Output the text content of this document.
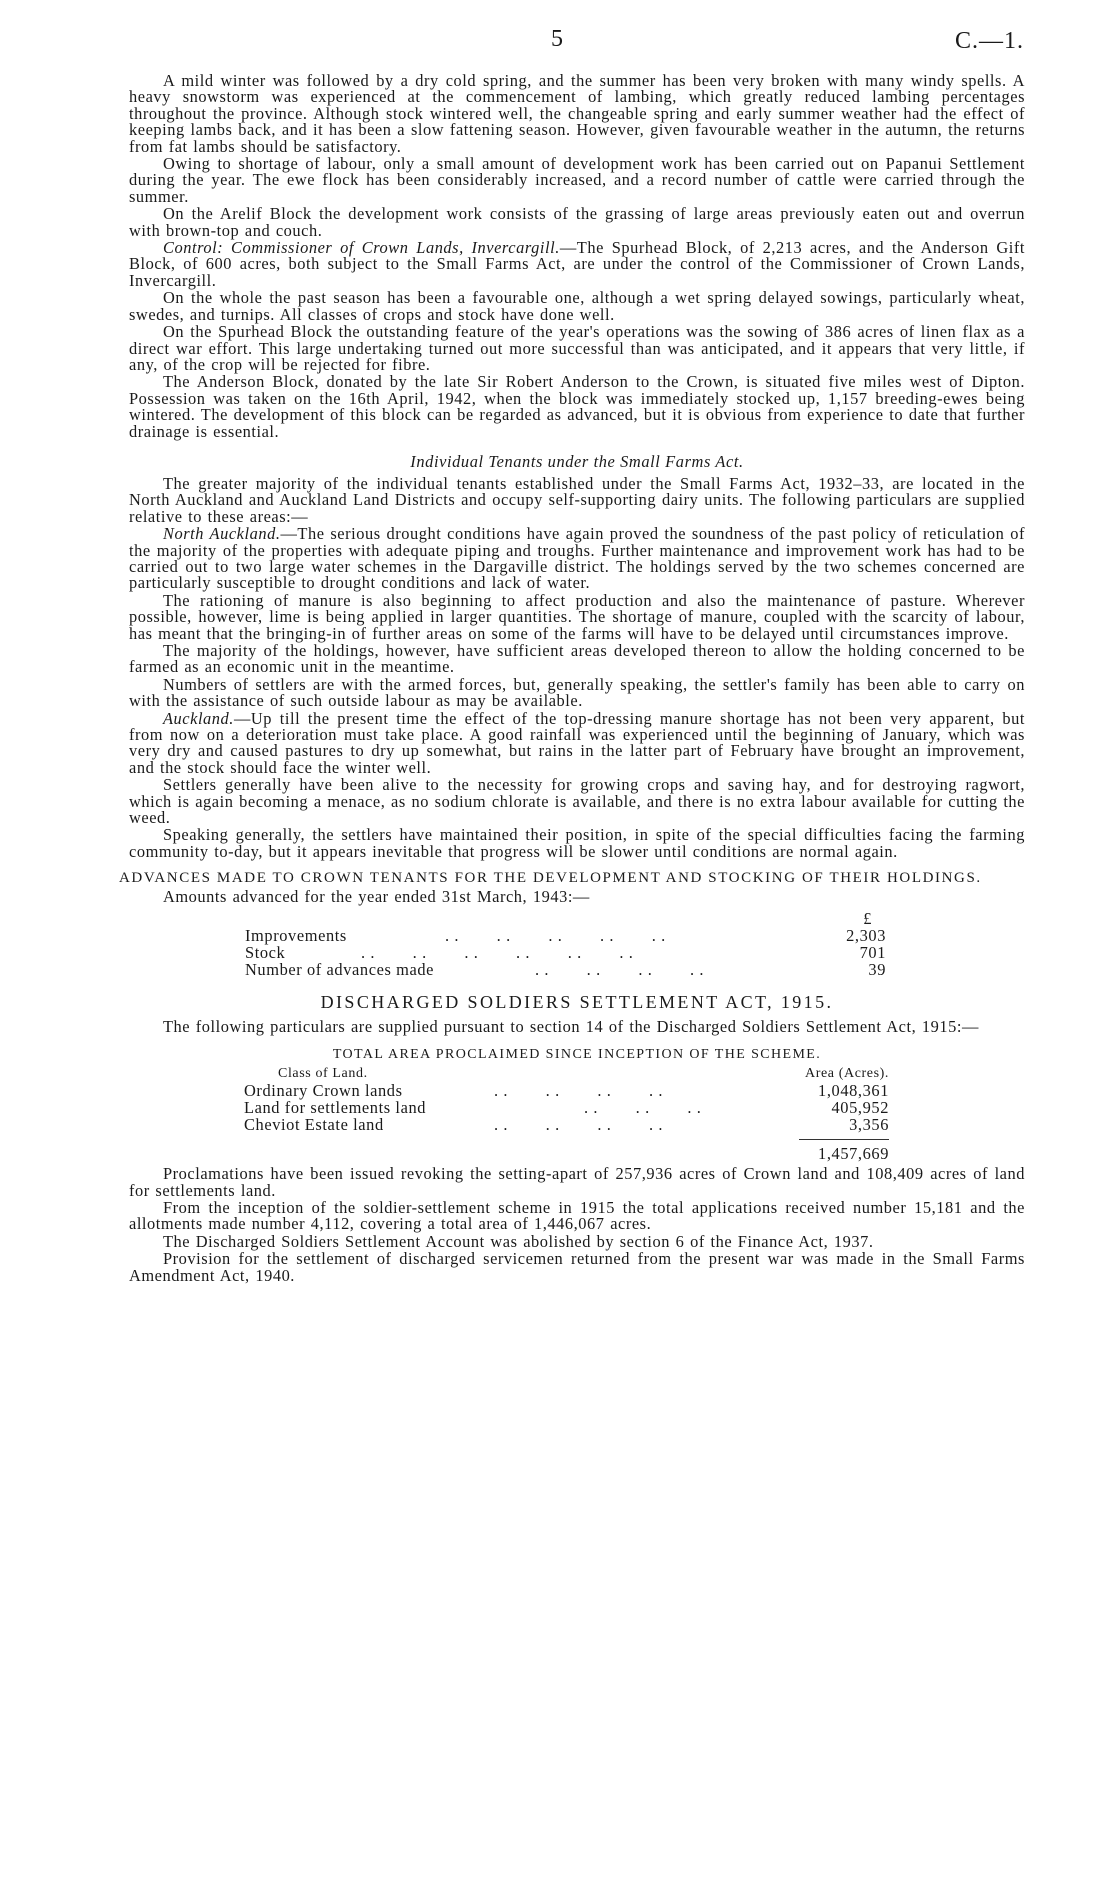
5	C.—1.

A mild winter was followed by a dry cold spring, and the summer has been very broken with many windy spells. A heavy snowstorm was experienced at the commencement of lambing, which greatly reduced lambing percentages throughout the province. Although stock wintered well, the changeable spring and early summer weather had the effect of keeping lambs back, and it has been a slow fattening season. However, given favourable weather in the autumn, the returns from fat lambs should be satisfactory.

Owing to shortage of labour, only a small amount of development work has been carried out on Papanui Settlement during the year. The ewe flock has been considerably increased, and a record number of cattle were carried through the summer.

On the Arelif Block the development work consists of the grassing of large areas previously eaten out and overrun with brown-top and couch.

Control: Commissioner of Crown Lands, Invercargill.—The Spurhead Block, of 2,213 acres, and the Anderson Gift Block, of 600 acres, both subject to the Small Farms Act, are under the control of the Commissioner of Crown Lands, Invercargill.

On the whole the past season has been a favourable one, although a wet spring delayed sowings, particularly wheat, swedes, and turnips. All classes of crops and stock have done well.

On the Spurhead Block the outstanding feature of the year's operations was the sowing of 386 acres of linen flax as a direct war effort. This large undertaking turned out more successful than was anticipated, and it appears that very little, if any, of the crop will be rejected for fibre.

The Anderson Block, donated by the late Sir Robert Anderson to the Crown, is situated five miles west of Dipton. Possession was taken on the 16th April, 1942, when the block was immediately stocked up, 1,157 breeding-ewes being wintered. The development of this block can be regarded as advanced, but it is obvious from experience to date that further drainage is essential.

Individual Tenants under the Small Farms Act.

The greater majority of the individual tenants established under the Small Farms Act, 1932–33, are located in the North Auckland and Auckland Land Districts and occupy self-supporting dairy units. The following particulars are supplied relative to these areas:—

North Auckland.—The serious drought conditions have again proved the soundness of the past policy of reticulation of the majority of the properties with adequate piping and troughs. Further maintenance and improvement work has had to be carried out to two large water schemes in the Dargaville district. The holdings served by the two schemes concerned are particularly susceptible to drought conditions and lack of water.

The rationing of manure is also beginning to affect production and also the maintenance of pasture. Wherever possible, however, lime is being applied in larger quantities. The shortage of manure, coupled with the scarcity of labour, has meant that the bringing-in of further areas on some of the farms will have to be delayed until circumstances improve.

The majority of the holdings, however, have sufficient areas developed thereon to allow the holding concerned to be farmed as an economic unit in the meantime.

Numbers of settlers are with the armed forces, but, generally speaking, the settler's family has been able to carry on with the assistance of such outside labour as may be available.

Auckland.—Up till the present time the effect of the top-dressing manure shortage has not been very apparent, but from now on a deterioration must take place. A good rainfall was experienced until the beginning of January, which was very dry and caused pastures to dry up somewhat, but rains in the latter part of February have brought an improvement, and the stock should face the winter well.

Settlers generally have been alive to the necessity for growing crops and saving hay, and for destroying ragwort, which is again becoming a menace, as no sodium chlorate is available, and there is no extra labour available for cutting the weed.

Speaking generally, the settlers have maintained their position, in spite of the special difficulties facing the farming community to-day, but it appears inevitable that progress will be slower until conditions are normal again.

ADVANCES MADE TO CROWN TENANTS FOR THE DEVELOPMENT AND STOCKING OF THEIR HOLDINGS.

Amounts advanced for the year ended 31st March, 1943:—

£
Improvements	. .        . .        . .        . .        . .	2,303
Stock	. .        . .        . .        . .        . .        . .	701
Number of advances made	. .        . .        . .        . .	39
DISCHARGED SOLDIERS SETTLEMENT ACT, 1915.

The following particulars are supplied pursuant to section 14 of the Discharged Soldiers Settlement Act, 1915:—

TOTAL AREA PROCLAIMED SINCE INCEPTION OF THE SCHEME.
Class of Land.	Area (Acres).
Ordinary Crown lands	. .        . .        . .        . .	1,048,361
Land for settlements land	. .        . .        . .	405,952
Cheviot Estate land	. .        . .        . .        . .	3,356
1,457,669

Proclamations have been issued revoking the setting-apart of 257,936 acres of Crown land and 108,409 acres of land for settlements land.

From the inception of the soldier-settlement scheme in 1915 the total applications received number 15,181 and the allotments made number 4,112, covering a total area of 1,446,067 acres.

The Discharged Soldiers Settlement Account was abolished by section 6 of the Finance Act, 1937.

Provision for the settlement of discharged servicemen returned from the present war was made in the Small Farms Amendment Act, 1940.
